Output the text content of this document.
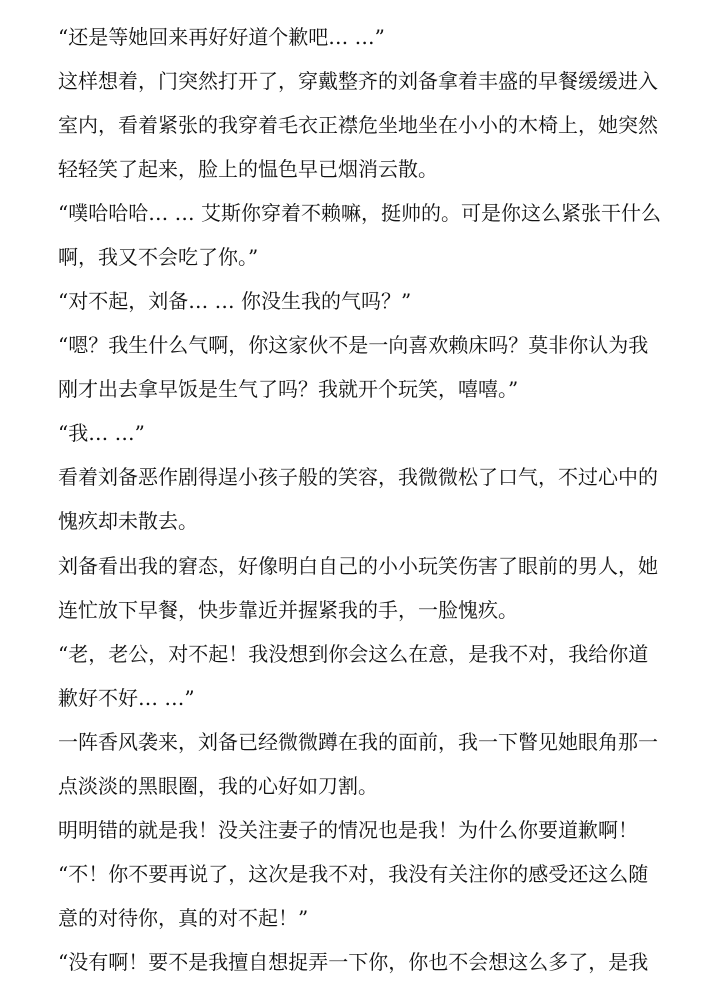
“还是等她回来再好好道个歉吧… …”
这样想着，门突然打开了，穿戴整齐的刘备拿着丰盛的早餐缓缓进入
室内，看着紧张的我穿着毛衣正襟危坐地坐在小小的木椅上，她突然
轻轻笑了起来，脸上的愠色早已烟消云散。
“噗哈哈哈… … 艾斯你穿着不赖嘛，挺帅的。可是你这么紧张干什么
啊，我又不会吃了你。”
“对不起，刘备… … 你没生我的气吗？”
“嗯？我生什么气啊，你这家伙不是一向喜欢赖床吗？莫非你认为我
刚才出去拿早饭是生气了吗？我就开个玩笑，嘻嘻。”
“我… …”
看着刘备恶作剧得逞小孩子般的笑容，我微微松了口气，不过心中的
愧疚却未散去。
刘备看出我的窘态，好像明白自己的小小玩笑伤害了眼前的男人，她
连忙放下早餐，快步靠近并握紧我的手，一脸愧疚。
“老，老公，对不起！我没想到你会这么在意，是我不对，我给你道
歉好不好… …”
一阵香风袭来，刘备已经微微蹲在我的面前，我一下瞥见她眼角那一
点淡淡的黑眼圈，我的心好如刀割。
明明错的就是我！没关注妻子的情况也是我！为什么你要道歉啊！
“不！你不要再说了，这次是我不对，我没有关注你的感受还这么随
意的对待你，真的对不起！”
“没有啊！要不是我擅自想捉弄一下你，你也不会想这么多了，是我
